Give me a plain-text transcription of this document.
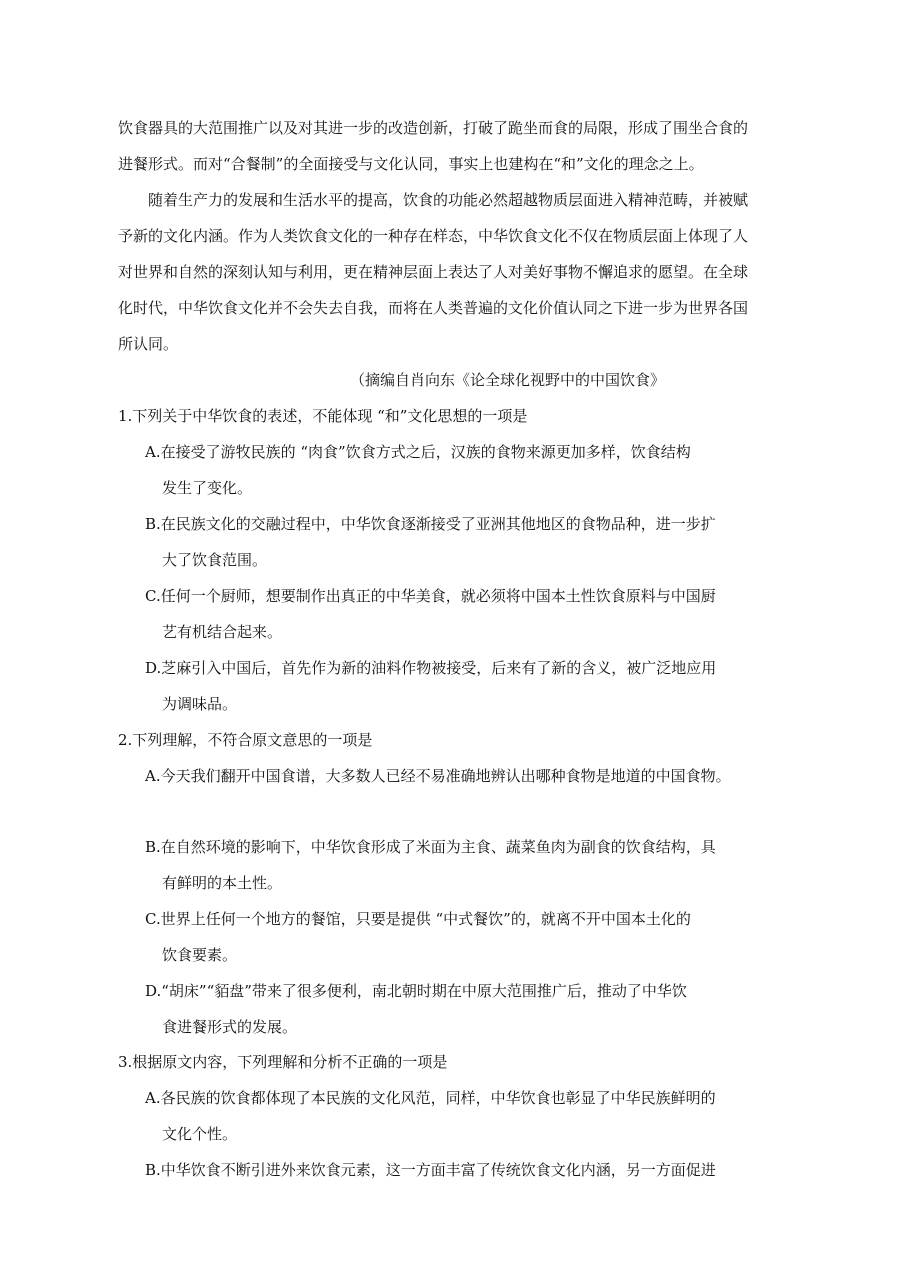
饮食器具的大范围推广以及对其进一步的改造创新，打破了跪坐而食的局限，形成了围坐合食的
进餐形式。而对“合餐制”的全面接受与文化认同，事实上也建构在“和”文化的理念之上。
随着生产力的发展和生活水平的提高，饮食的功能必然超越物质层面进入精神范畴，并被赋
予新的文化内涵。作为人类饮食文化的一种存在样态，中华饮食文化不仅在物质层面上体现了人
对世界和自然的深刻认知与利用，更在精神层面上表达了人对美好事物不懈追求的愿望。在全球
化时代，中华饮食文化并不会失去自我，而将在人类普遍的文化价值认同之下进一步为世界各国
所认同。
（摘编自肖向东《论全球化视野中的中国饮食》
1.下列关于中华饮食的表述，不能体现 “和”文化思想的一项是
A.在接受了游牧民族的 “肉食”饮食方式之后，汉族的食物来源更加多样，饮食结构
发生了变化。
B.在民族文化的交融过程中，中华饮食逐渐接受了亚洲其他地区的食物品种，进一步扩
大了饮食范围。
C.任何一个厨师，想要制作出真正的中华美食，就必须将中国本土性饮食原料与中国厨
艺有机结合起来。
D.芝麻引入中国后，首先作为新的油料作物被接受，后来有了新的含义，被广泛地应用
为调味品。
2.下列理解，不符合原文意思的一项是
A.今天我们翻开中国食谱，大多数人已经不易准确地辨认出哪种食物是地道的中国食物。
B.在自然环境的影响下，中华饮食形成了米面为主食、蔬菜鱼肉为副食的饮食结构，具
有鲜明的本土性。
C.世界上任何一个地方的餐馆，只要是提供 “中式餐饮”的，就离不开中国本土化的
饮食要素。
D.“胡床”“貊盘”带来了很多便利，南北朝时期在中原大范围推广后，推动了中华饮
食进餐形式的发展。
3.根据原文内容，下列理解和分析不正确的一项是
A.各民族的饮食都体现了本民族的文化风范，同样，中华饮食也彰显了中华民族鲜明的
文化个性。
B.中华饮食不断引进外来饮食元素，这一方面丰富了传统饮食文化内涵，另一方面促进
